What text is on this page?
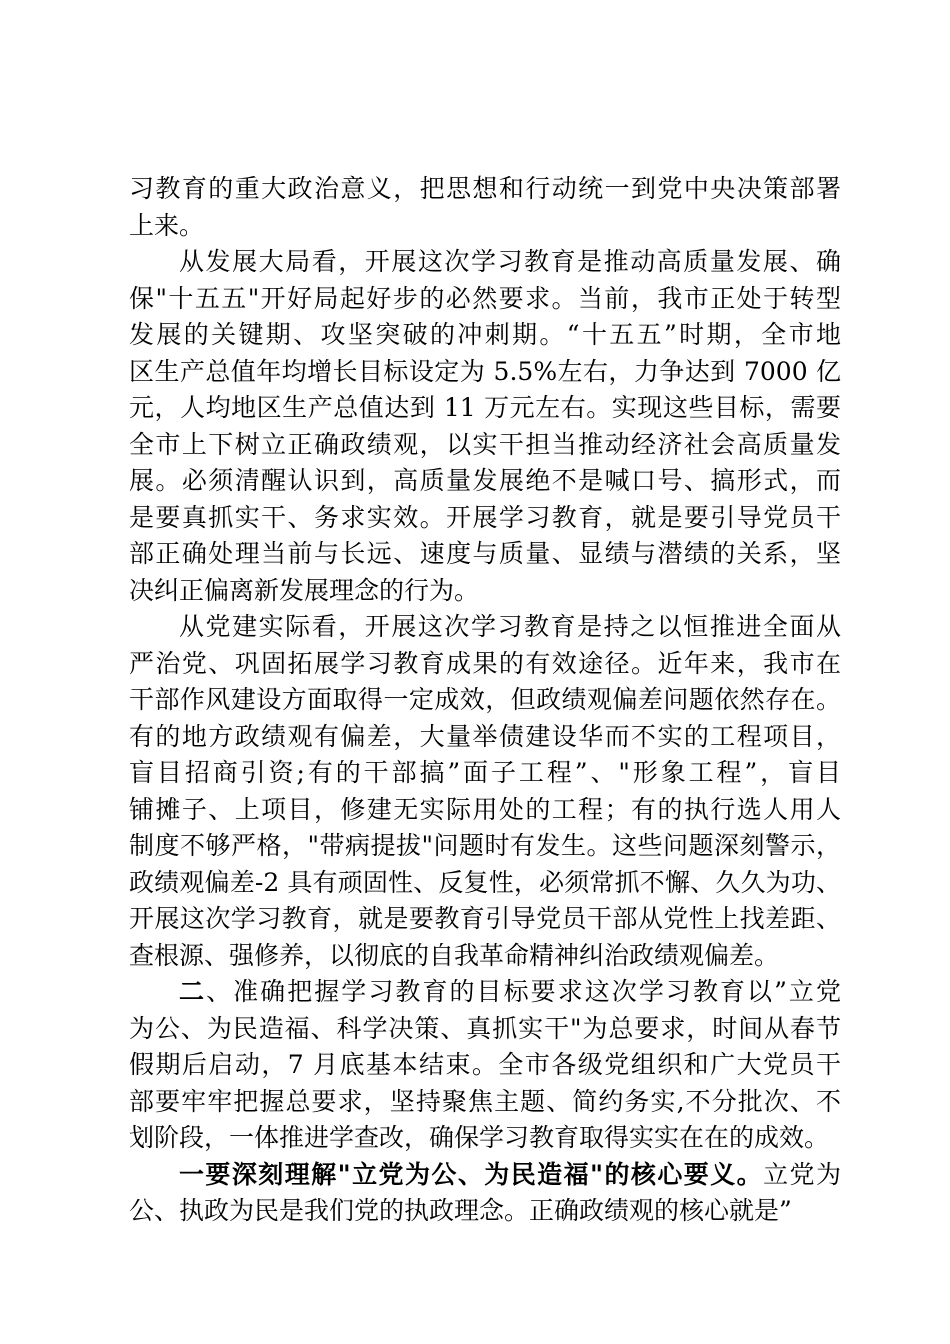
习教育的重大政治意义，把思想和行动统一到党中央决策部署
上来。
从发展大局看，开展这次学习教育是推动高质量发展、确
保"十五五"开好局起好步的必然要求。当前，我市正处于转型
发展的关键期、攻坚突破的冲刺期。“十五五”时期，全市地
区生产总值年均增长目标设定为 5.5%左右，力争达到 7000 亿
元，人均地区生产总值达到 11 万元左右。实现这些目标，需要
全市上下树立正确政绩观，以实干担当推动经济社会高质量发
展。必须清醒认识到，高质量发展绝不是喊口号、搞形式，而
是要真抓实干、务求实效。开展学习教育，就是要引导党员干
部正确处理当前与长远、速度与质量、显绩与潜绩的关系，坚
决纠正偏离新发展理念的行为。
从党建实际看，开展这次学习教育是持之以恒推进全面从
严治党、巩固拓展学习教育成果的有效途径。近年来，我市在
干部作风建设方面取得一定成效，但政绩观偏差问题依然存在。
有的地方政绩观有偏差，大量举债建设华而不实的工程项目，
盲目招商引资;有的干部搞”面子工程”、"形象工程”，盲目
铺摊子、上项目，修建无实际用处的工程；有的执行选人用人
制度不够严格，"带病提拔"问题时有发生。这些问题深刻警示，
政绩观偏差-2 具有顽固性、反复性，必须常抓不懈、久久为功、
开展这次学习教育，就是要教育引导党员干部从党性上找差距、
查根源、强修养，以彻底的自我革命精神纠治政绩观偏差。
二、准确把握学习教育的目标要求这次学习教育以”立党
为公、为民造福、科学决策、真抓实干"为总要求，时间从春节
假期后启动，7 月底基本结束。全市各级党组织和广大党员干
部要牢牢把握总要求，坚持聚焦主题、简约务实,不分批次、不
划阶段，一体推进学查改，确保学习教育取得实实在在的成效。
一要深刻理解"立党为公、为民造福"的核心要义。立党为
公、执政为民是我们党的执政理念。正确政绩观的核心就是”
